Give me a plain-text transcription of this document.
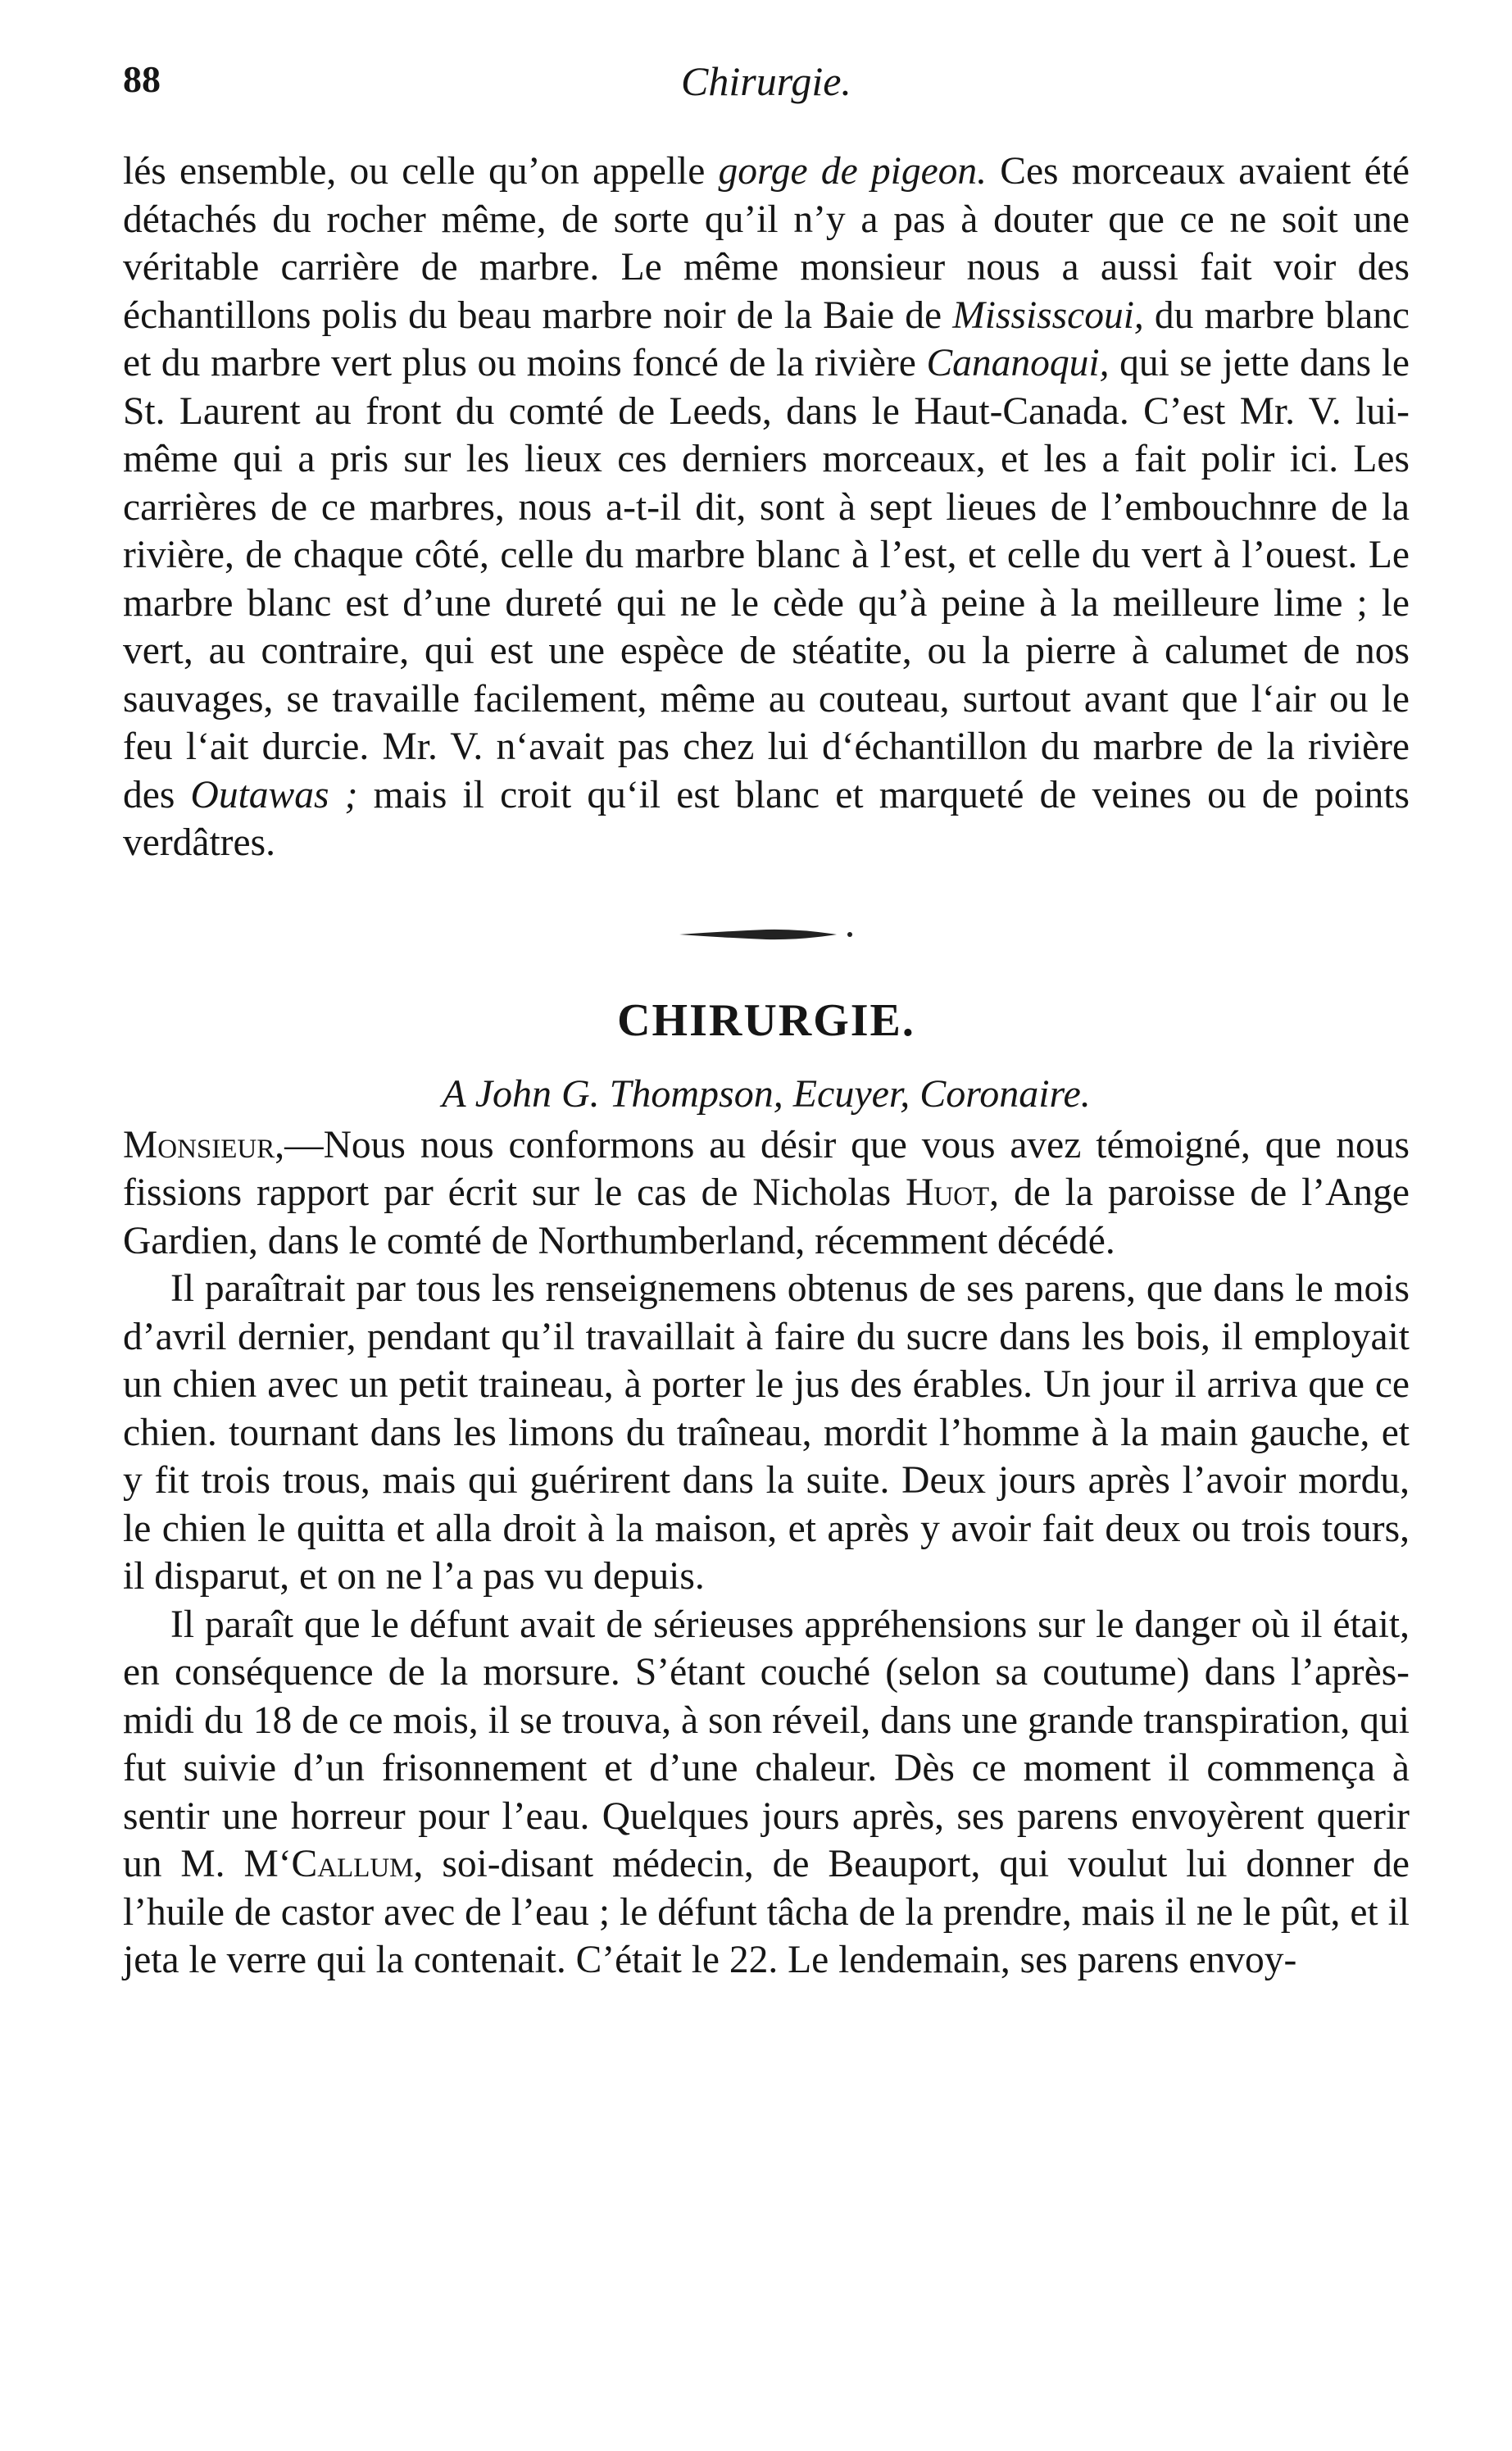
88	Chirurgie.

lés ensemble, ou celle qu’on appelle gorge de pigeon. Ces morceaux avaient été détachés du rocher même, de sorte qu’il n’y a pas à douter que ce ne soit une véritable carrière de marbre. Le même monsieur nous a aussi fait voir des échantillons polis du beau marbre noir de la Baie de Mississcoui, du marbre blanc et du marbre vert plus ou moins foncé de la rivière Cananoqui, qui se jette dans le St. Laurent au front du comté de Leeds, dans le Haut-Canada. C’est Mr. V. lui-même qui a pris sur les lieux ces derniers morceaux, et les a fait polir ici. Les carrières de ce marbres, nous a-t-il dit, sont à sept lieues de l’embouchnre de la rivière, de chaque côté, celle du marbre blanc à l’est, et celle du vert à l’ouest. Le marbre blanc est d’une dureté qui ne le cède qu’à peine à la meilleure lime ; le vert, au contraire, qui est une espèce de stéatite, ou la pierre à calumet de nos sauvages, se travaille facilement, même au couteau, surtout avant que l‘air ou le feu l‘ait durcie. Mr. V. n‘avait pas chez lui d‘échantillon du marbre de la rivière des Outawas ; mais il croit qu‘il est blanc et marqueté de veines ou de points verdâtres.

CHIRURGIE.
A John G. Thompson, Ecuyer, Coronaire.

Monsieur,—Nous nous conformons au désir que vous avez témoigné, que nous fissions rapport par écrit sur le cas de Nicholas Huot, de la paroisse de l’Ange Gardien, dans le comté de Northumberland, récemment décédé.

Il paraîtrait par tous les renseignemens obtenus de ses parens, que dans le mois d’avril dernier, pendant qu’il travaillait à faire du sucre dans les bois, il employait un chien avec un petit traineau, à porter le jus des érables. Un jour il arriva que ce chien. tournant dans les limons du traîneau, mordit l’homme à la main gauche, et y fit trois trous, mais qui guérirent dans la suite. Deux jours après l’avoir mordu, le chien le quitta et alla droit à la maison, et après y avoir fait deux ou trois tours, il disparut, et on ne l’a pas vu depuis.

Il paraît que le défunt avait de sérieuses appréhensions sur le danger où il était, en conséquence de la morsure. S’étant couché (selon sa coutume) dans l’après-midi du 18 de ce mois, il se trouva, à son réveil, dans une grande transpiration, qui fut suivie d’un frisonnement et d’une chaleur. Dès ce moment il commença à sentir une horreur pour l’eau. Quelques jours après, ses parens envoyèrent querir un M. M‘Callum, soi-disant médecin, de Beauport, qui voulut lui donner de l’huile de castor avec de l’eau ; le défunt tâcha de la prendre, mais il ne le pût, et il jeta le verre qui la contenait. C’était le 22. Le lendemain, ses parens envoy-
